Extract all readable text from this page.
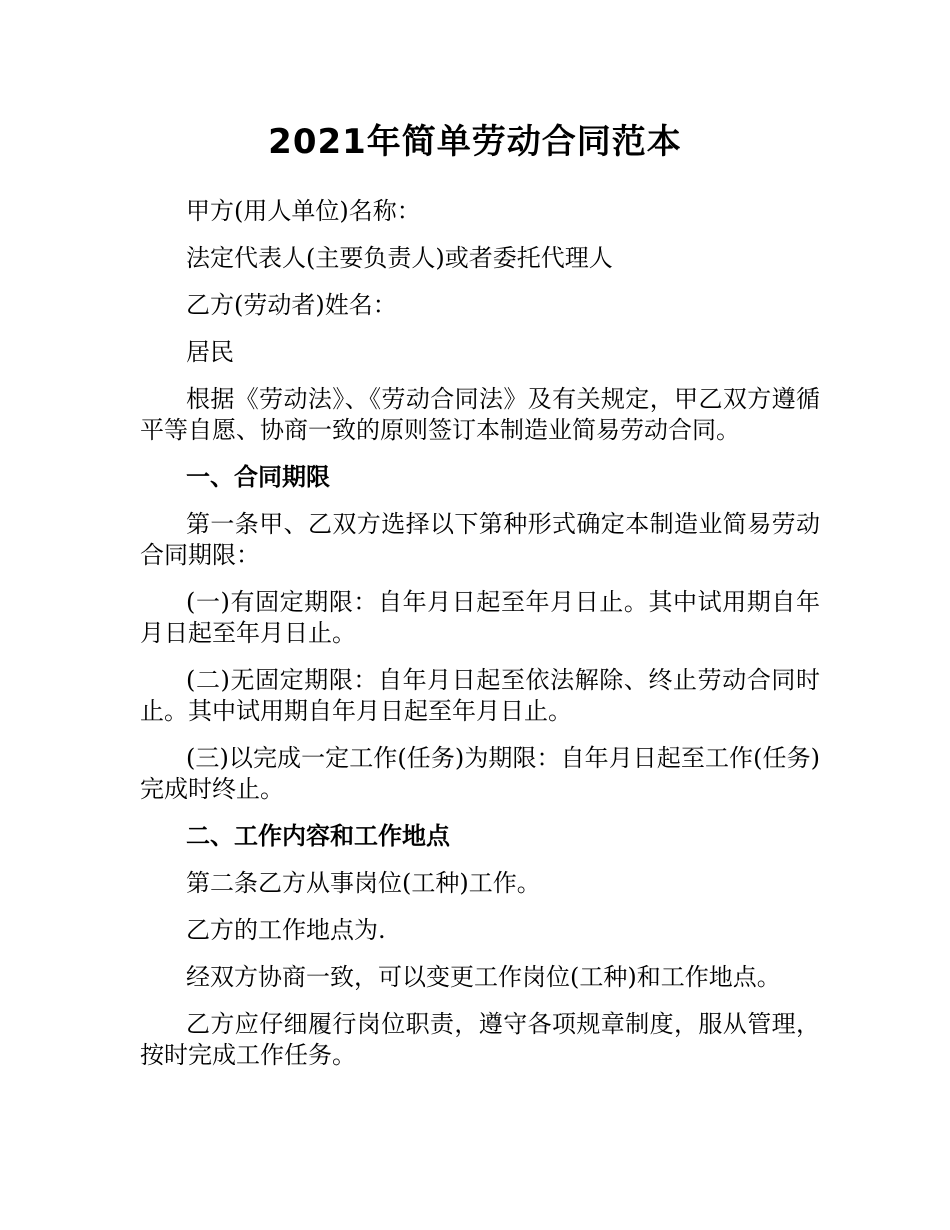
2021年简单劳动合同范本

甲方(用人单位)名称：

法定代表人(主要负责人)或者委托代理人

乙方(劳动者)姓名：

居民

根据《劳动法》、《劳动合同法》及有关规定，甲乙双方遵循平等自愿、协商一致的原则签订本制造业简易劳动合同。

一、合同期限

第一条甲、乙双方选择以下第种形式确定本制造业简易劳动合同期限：

(一)有固定期限：自年月日起至年月日止。其中试用期自年月日起至年月日止。

(二)无固定期限：自年月日起至依法解除、终止劳动合同时止。其中试用期自年月日起至年月日止。

(三)以完成一定工作(任务)为期限：自年月日起至工作(任务)完成时终止。

二、工作内容和工作地点

第二条乙方从事岗位(工种)工作。

乙方的工作地点为.

经双方协商一致，可以变更工作岗位(工种)和工作地点。

乙方应仔细履行岗位职责，遵守各项规章制度，服从管理，按时完成工作任务。
